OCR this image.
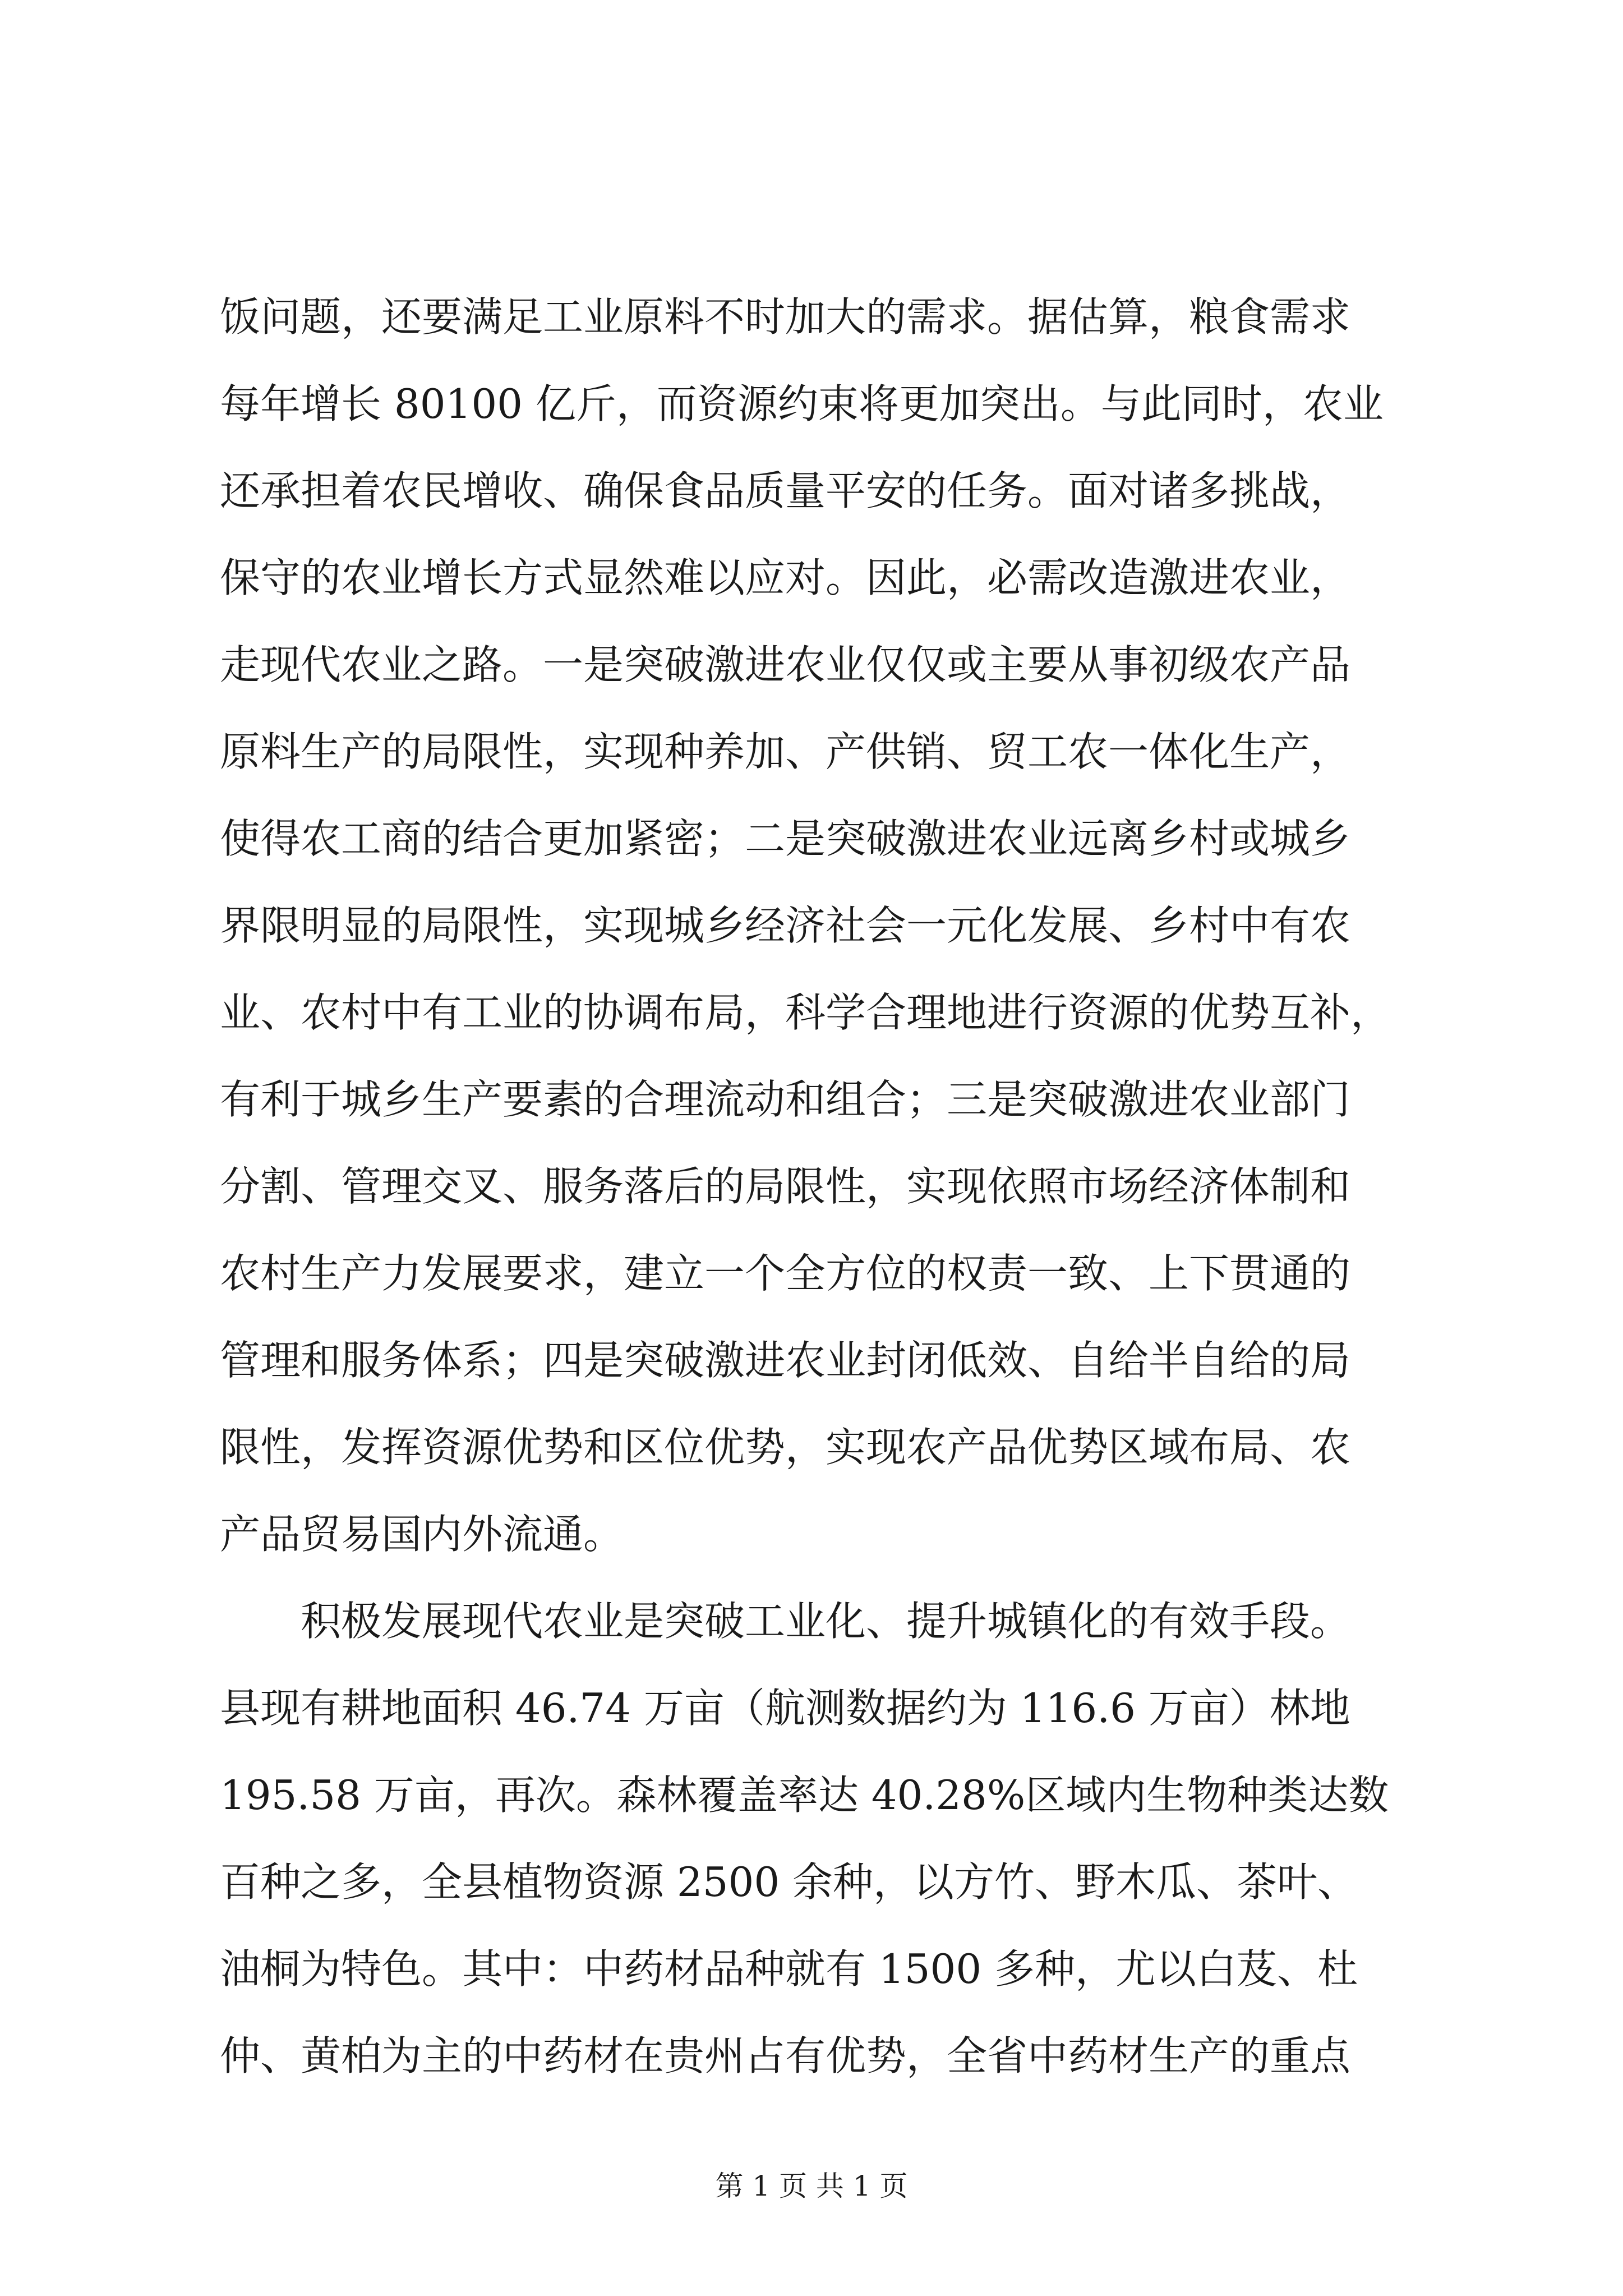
饭问题，还要满足工业原料不时加大的需求。据估算，粮食需求
每年增长 80100 亿斤，而资源约束将更加突出。与此同时，农业
还承担着农民增收、确保食品质量平安的任务。面对诸多挑战，
保守的农业增长方式显然难以应对。因此，必需改造激进农业，
走现代农业之路。一是突破激进农业仅仅或主要从事初级农产品
原料生产的局限性，实现种养加、产供销、贸工农一体化生产，
使得农工商的结合更加紧密；二是突破激进农业远离乡村或城乡
界限明显的局限性，实现城乡经济社会一元化发展、乡村中有农
业、农村中有工业的协调布局，科学合理地进行资源的优势互补，
有利于城乡生产要素的合理流动和组合；三是突破激进农业部门
分割、管理交叉、服务落后的局限性，实现依照市场经济体制和
农村生产力发展要求，建立一个全方位的权责一致、上下贯通的
管理和服务体系；四是突破激进农业封闭低效、自给半自给的局
限性，发挥资源优势和区位优势，实现农产品优势区域布局、农
产品贸易国内外流通。
　　积极发展现代农业是突破工业化、提升城镇化的有效手段。
县现有耕地面积 46.74 万亩（航测数据约为 116.6 万亩）林地
195.58 万亩，再次。森林覆盖率达 40.28%区域内生物种类达数
百种之多，全县植物资源 2500 余种，以方竹、野木瓜、茶叶、
油桐为特色。其中：中药材品种就有 1500 多种，尤以白芨、杜
仲、黄柏为主的中药材在贵州占有优势，全省中药材生产的重点
第 1 页 共 1 页
